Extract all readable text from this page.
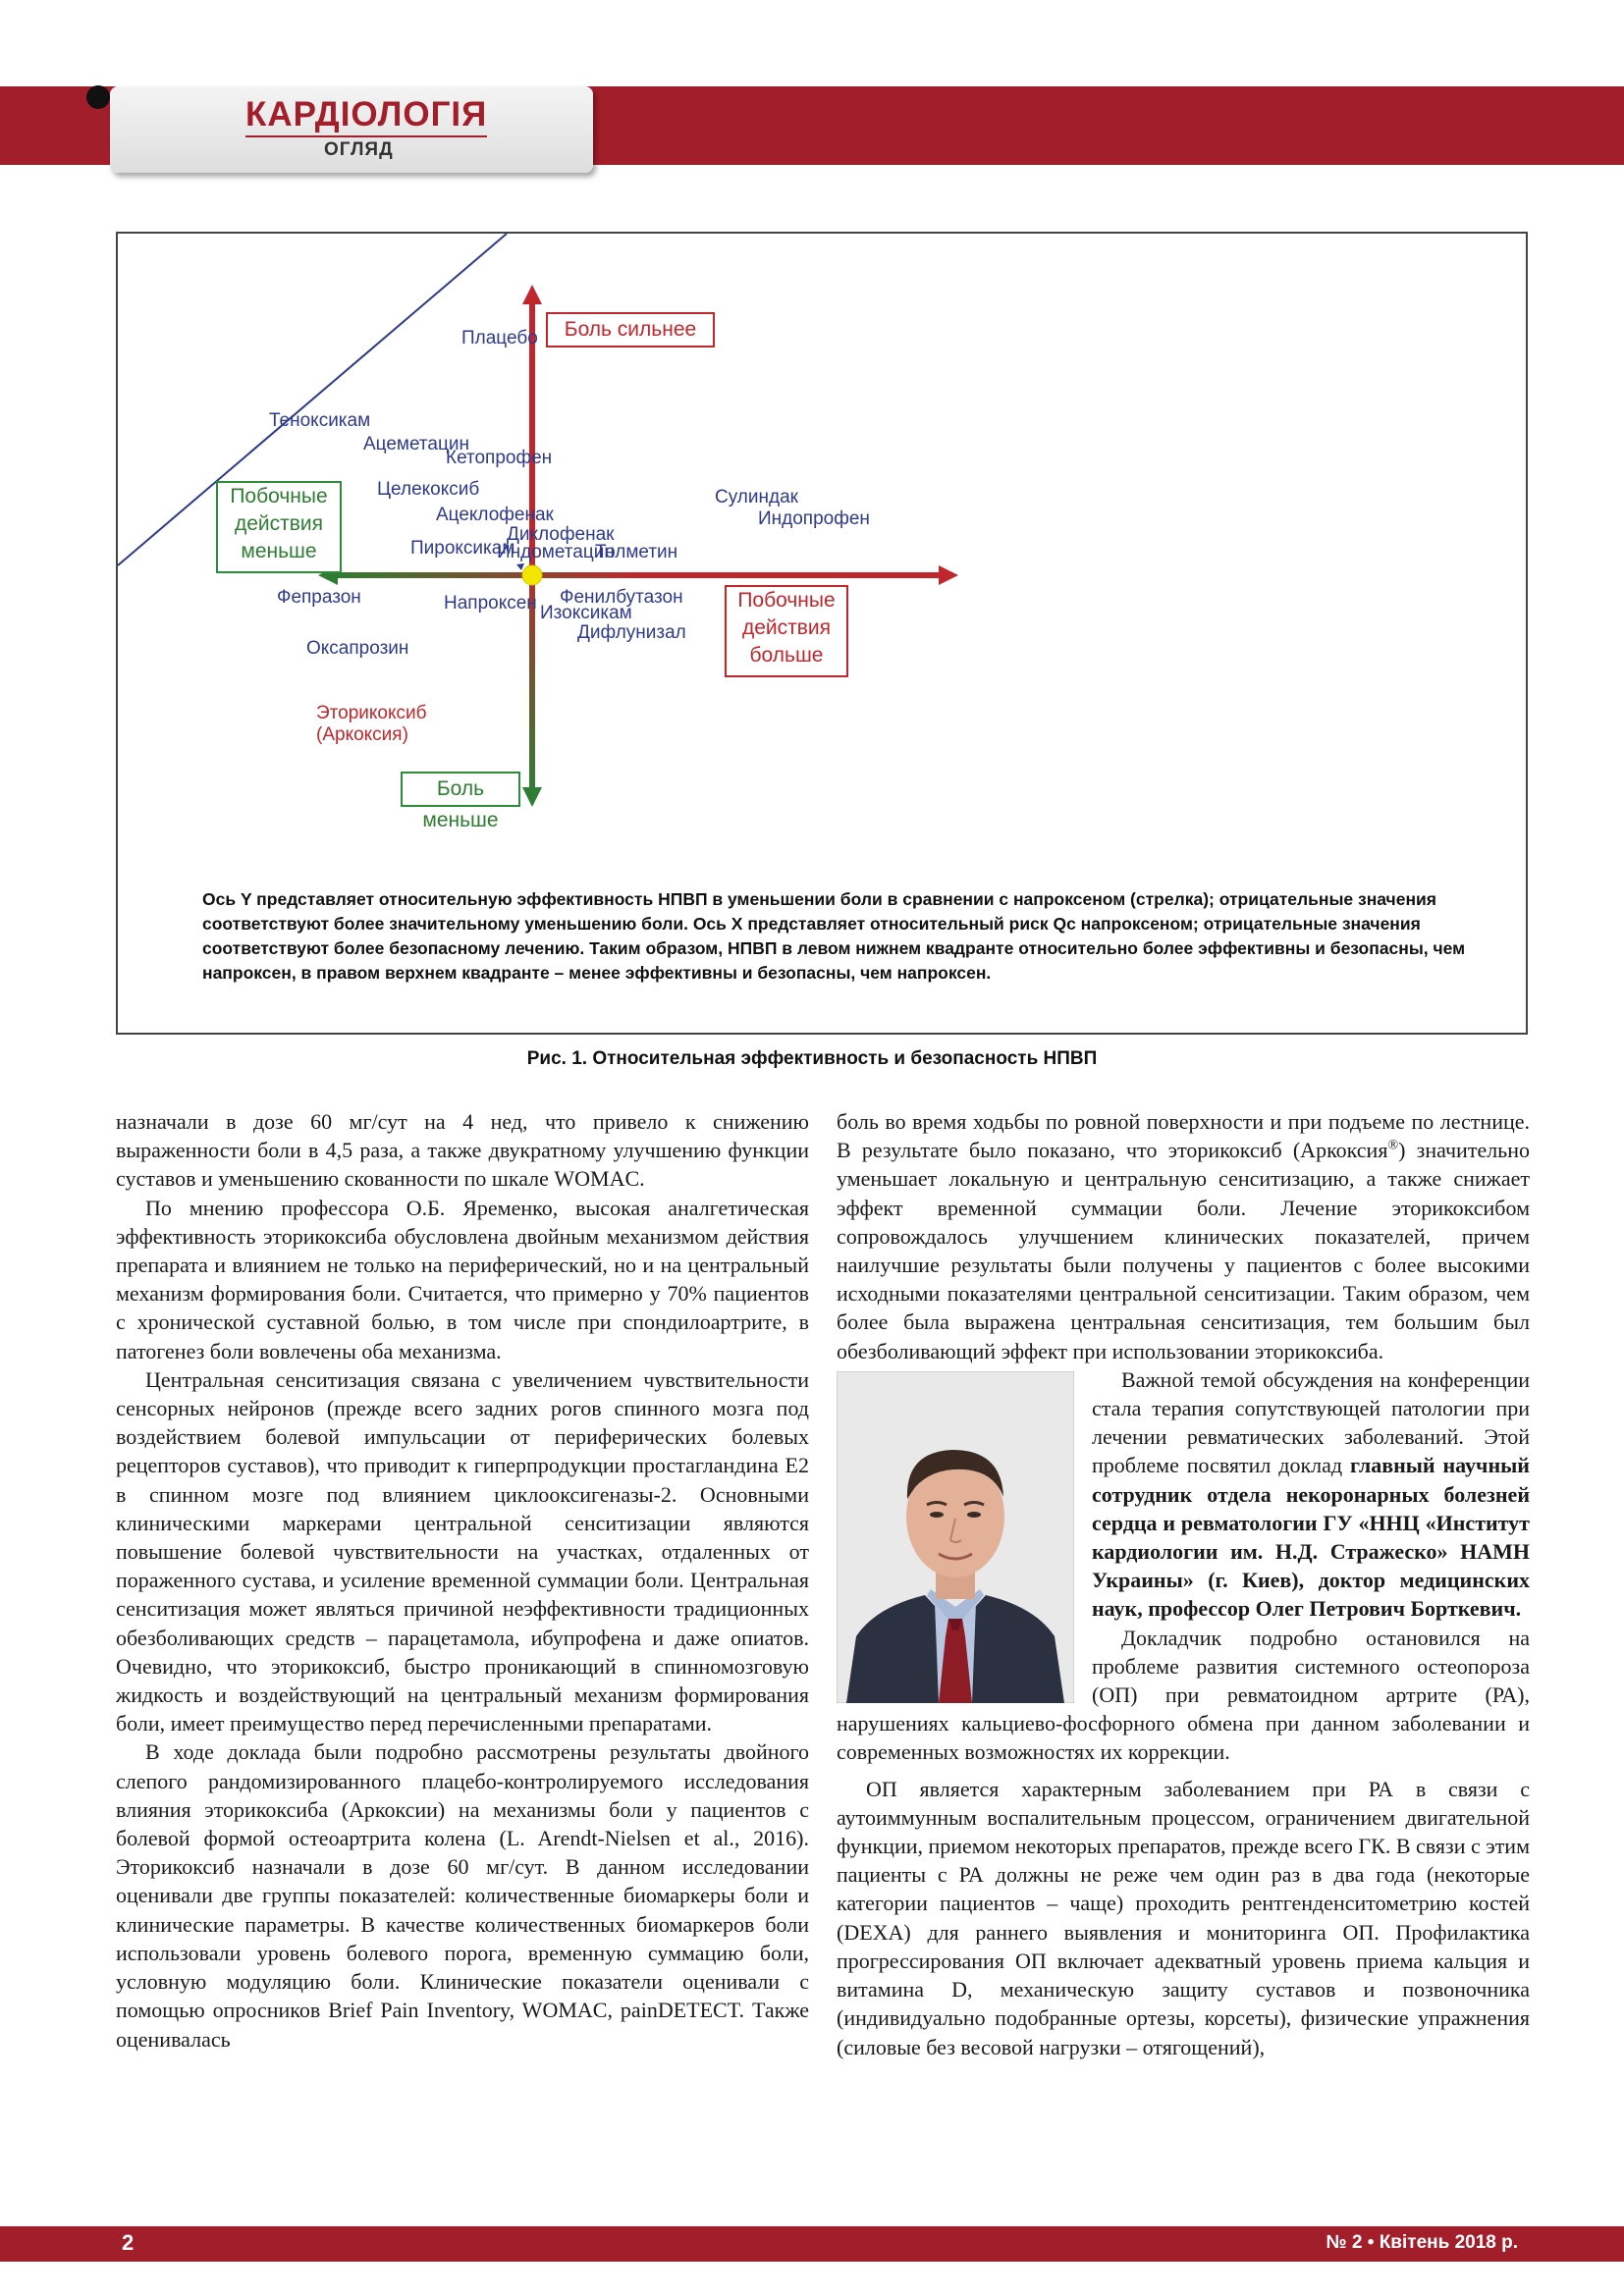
КАРДІОЛОГІЯ
ОГЛЯД
Плацебо
Теноксикам
Ацеметацин
Кетопрофен
Целекоксиб
Ацеклофенак
Диклофенак
Пироксикам
Индометацин
Толметин
Сулиндак
Индопрофен
Фепразон	Напроксен Фенилбутазон
Изоксикам
Дифлунизал
Оксапрозин
Эторикоксиб
(Аркоксия)
Боль сильнее
Побочные
действия
меньше
Побочные
действия
больше
Боль меньше
Ось Y представляет относительную эффективность НПВП в уменьшении боли в сравнении с напроксеном (стрелка); отрицательные значения соответствуют более значительному уменьшению боли. Ось X представляет относительный риск Qc напроксеном; отрицательные значения соответствуют более безопасному лечению. Таким образом, НПВП в левом нижнем квадранте относительно более эффективны и безопасны, чем напроксен, в правом верхнем квадранте – менее эффективны и безопасны, чем напроксен.
Рис. 1. Относительная эффективность и безопасность НПВП

назначали в дозе 60 мг/сут на 4 нед, что привело к снижению выраженности боли в 4,5 раза, а также двукратному улучшению функции суставов и уменьшению скованности по шкале WOMAC.

По мнению профессора О.Б. Яременко, высокая аналгетическая эффективность эторикоксиба обусловлена двойным механизмом действия препарата и влиянием не только на периферический, но и на центральный механизм формирования боли. Считается, что примерно у 70% пациентов с хронической суставной болью, в том числе при спондилоартрите, в патогенез боли вовлечены оба механизма.

Центральная сенситизация связана с увеличением чувствительности сенсорных нейронов (прежде всего задних рогов спинного мозга под воздействием болевой импульсации от периферических болевых рецепторов суставов), что приводит к гиперпродукции простагландина Е2 в спинном мозге под влиянием циклооксигеназы-2. Основными клиническими маркерами центральной сенситизации являются повышение болевой чувствительности на участках, отдаленных от пораженного сустава, и усиление временной суммации боли. Центральная сенситизация может являться причиной неэффективности традиционных обезболивающих средств – парацетамола, ибупрофена и даже опиатов. Очевидно, что эторикоксиб, быстро проникающий в спинномозговую жидкость и воздействующий на центральный механизм формирования боли, имеет преимущество перед перечисленными препаратами.

В ходе доклада были подробно рассмотрены результаты двойного слепого рандомизированного плацебо-контролируемого исследования влияния эторикоксиба (Аркоксии) на механизмы боли у пациентов с болевой формой остеоартрита колена (L. Arendt-Nielsen et al., 2016). Эторикоксиб назначали в дозе 60 мг/сут. В данном исследовании оценивали две группы показателей: количественные биомаркеры боли и клинические параметры. В качестве количественных биомаркеров боли использовали уровень болевого порога, временную суммацию боли, условную модуляцию боли. Клинические показатели оценивали с помощью опросников Brief Pain Inventory, WOMAC, painDETECT. Также оценивалась

боль во время ходьбы по ровной поверхности и при подъеме по лестнице. В результате было показано, что эторикоксиб (Аркоксия®) значительно уменьшает локальную и центральную сенситизацию, а также снижает эффект временной суммации боли. Лечение эторикоксибом сопровождалось улучшением клинических показателей, причем наилучшие результаты были получены у пациентов с более высокими исходными показателями центральной сенситизации. Таким образом, чем более была выражена центральная сенситизация, тем большим был обезболивающий эффект при использовании эторикоксиба.

Важной темой обсуждения на конференции стала терапия сопутствующей патологии при лечении ревматических заболеваний. Этой проблеме посвятил доклад главный научный сотрудник отдела некоронарных болезней сердца и ревматологии ГУ «ННЦ «Институт кардиологии им. Н.Д. Стражеско» НАМН Украины» (г. Киев), доктор медицинских наук, профессор Олег Петрович Борткевич.

Докладчик подробно остановился на проблеме развития системного остеопороза (ОП) при ревматоидном артрите (РА), нарушениях кальциево-фосфорного обмена при данном заболевании и современных возможностях их коррекции.

ОП является характерным заболеванием при РА в связи с аутоиммунным воспалительным процессом, ограничением двигательной функции, приемом некоторых препаратов, прежде всего ГК. В связи с этим пациенты с РА должны не реже чем один раз в два года (некоторые категории пациентов – чаще) проходить рентгенденситометрию костей (DEXA) для раннего выявления и мониторинга ОП. Профилактика прогрессирования ОП включает адекватный уровень приема кальция и витамина D, механическую защиту суставов и позвоночника (индивидуально подобранные ортезы, корсеты), физические упражнения (силовые без весовой нагрузки – отягощений),

2	№ 2 • Квітень 2018 р.
